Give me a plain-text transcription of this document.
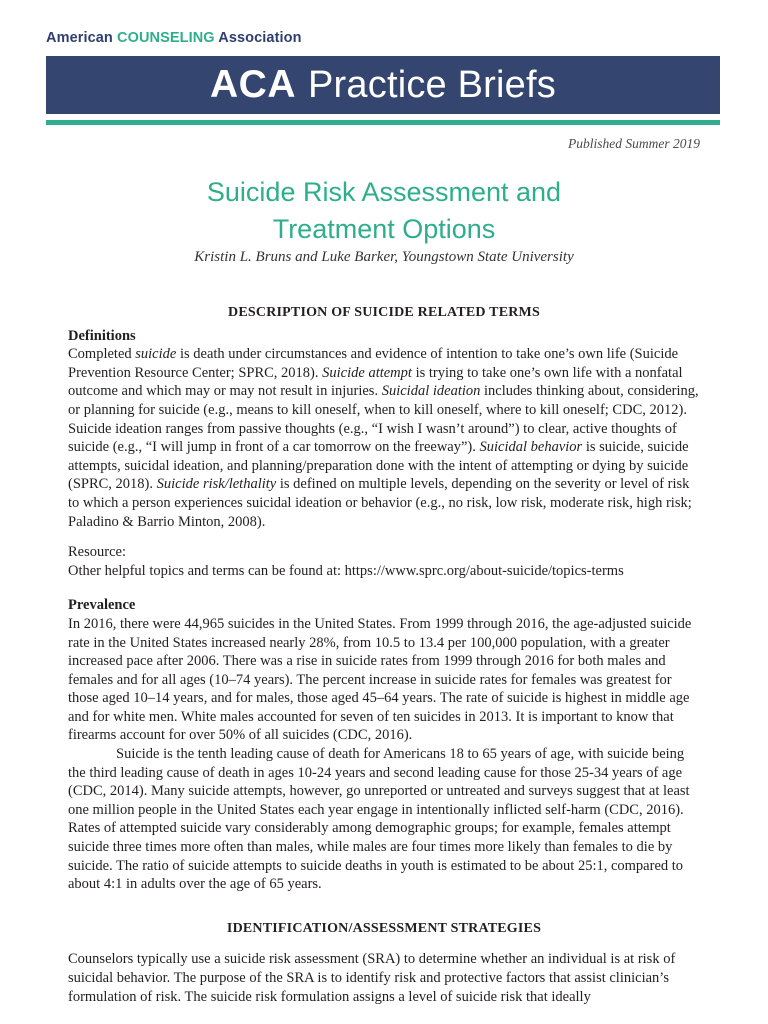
American COUNSELING Association
ACA Practice Briefs
Published Summer 2019
Suicide Risk Assessment and
Treatment Options
Kristin L. Bruns and Luke Barker, Youngstown State University

DESCRIPTION OF SUICIDE RELATED TERMS

Definitions

Completed suicide is death under circumstances and evidence of intention to take one’s own life (Suicide Prevention Resource Center; SPRC, 2018). Suicide attempt is trying to take one’s own life with a nonfatal outcome and which may or may not result in injuries. Suicidal ideation includes thinking about, considering, or planning for suicide (e.g., means to kill oneself, when to kill oneself, where to kill oneself; CDC, 2012). Suicide ideation ranges from passive thoughts (e.g., “I wish I wasn’t around”) to clear, active thoughts of suicide (e.g., “I will jump in front of a car tomorrow on the freeway”). Suicidal behavior is suicide, suicide attempts, suicidal ideation, and planning/preparation done with the intent of attempting or dying by suicide (SPRC, 2018). Suicide risk/lethality is defined on multiple levels, depending on the severity or level of risk to which a person experiences suicidal ideation or behavior (e.g., no risk, low risk, moderate risk, high risk; Paladino & Barrio Minton, 2008).

Resource:

Other helpful topics and terms can be found at: https://www.sprc.org/about-suicide/topics-terms

Prevalence

In 2016, there were 44,965 suicides in the United States. From 1999 through 2016, the age-adjusted suicide rate in the United States increased nearly 28%, from 10.5 to 13.4 per 100,000 population, with a greater increased pace after 2006. There was a rise in suicide rates from 1999 through 2016 for both males and females and for all ages (10–74 years). The percent increase in suicide rates for females was greatest for those aged 10–14 years, and for males, those aged 45–64 years. The rate of suicide is highest in middle age and for white men. White males accounted for seven of ten suicides in 2013. It is important to know that firearms account for over 50% of all suicides (CDC, 2016).

Suicide is the tenth leading cause of death for Americans 18 to 65 years of age, with suicide being the third leading cause of death in ages 10-24 years and second leading cause for those 25-34 years of age (CDC, 2014). Many suicide attempts, however, go unreported or untreated and surveys suggest that at least one million people in the United States each year engage in intentionally inflicted self-harm (CDC, 2016). Rates of attempted suicide vary considerably among demographic groups; for example, females attempt suicide three times more often than males, while males are four times more likely than females to die by suicide. The ratio of suicide attempts to suicide deaths in youth is estimated to be about 25:1, compared to about 4:1 in adults over the age of 65 years.

IDENTIFICATION/ASSESSMENT STRATEGIES

Counselors typically use a suicide risk assessment (SRA) to determine whether an individual is at risk of suicidal behavior. The purpose of the SRA is to identify risk and protective factors that assist clinician’s formulation of risk. The suicide risk formulation assigns a level of suicide risk that ideally
